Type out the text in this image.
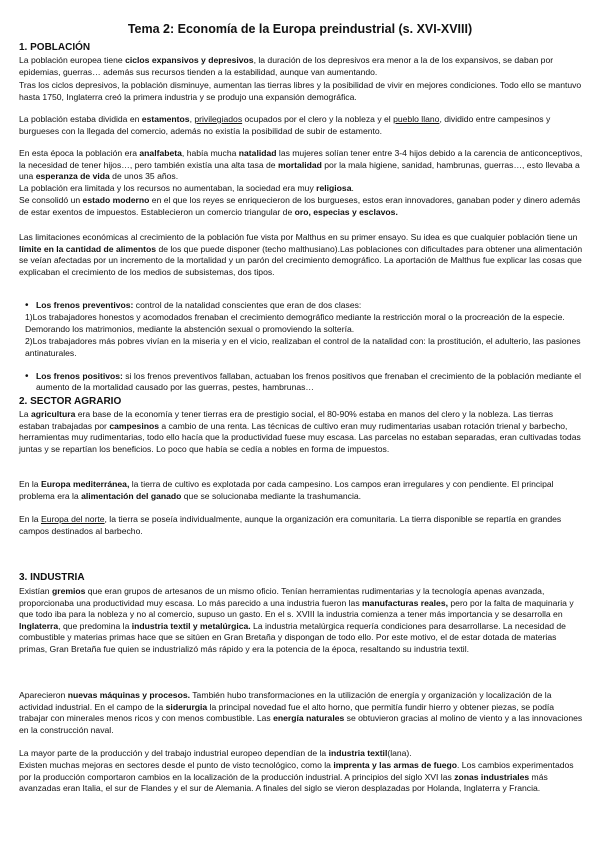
Tema 2: Economía de la Europa preindustrial (s. XVI-XVIII)
1. POBLACIÓN
La población europea tiene ciclos expansivos y depresivos, la duración de los depresivos era menor a la de los expansivos, se daban por epidemias, guerras… además sus recursos tienden a la estabilidad, aunque van aumentando.
Tras los ciclos depresivos, la población disminuye, aumentan las tierras libres y la posibilidad de vivir en mejores condiciones. Todo ello se mantuvo hasta 1750, Inglaterra creó la primera industria y se produjo una expansión demográfica.
La población estaba dividida en estamentos, privilegiados ocupados por el clero y la nobleza y el pueblo llano, dividido entre campesinos y burgueses con la llegada del comercio, además no existía la posibilidad de subir de estamento.
En esta época la población era analfabeta, había mucha natalidad las mujeres solían tener entre 3-4 hijos debido a la carencia de anticonceptivos, la necesidad de tener hijos…, pero también existía una alta tasa de mortalidad por la mala higiene, sanidad, hambrunas, guerras…, esto llevaba a una esperanza de vida de unos 35 años.
La población era limitada y los recursos no aumentaban, la sociedad era muy religiosa.
Se consolidó un estado moderno en el que los reyes se enriquecieron de los burgueses, estos eran innovadores, ganaban poder y dinero además de estar exentos de impuestos. Establecieron un comercio triangular de oro, especias y esclavos.
Las limitaciones económicas al crecimiento de la población fue vista por Malthus en su primer ensayo. Su idea es que cualquier población tiene un límite en la cantidad de alimentos de los que puede disponer (techo malthusiano).Las poblaciones con dificultades para obtener una alimentación se veían afectadas por un incremento de la mortalidad y un parón del crecimiento demográfico. La aportación de Malthus fue explicar las cosas que explicaban el crecimiento de los medios de subsistemas, dos tipos.
• Los frenos preventivos: control de la natalidad conscientes que eran de dos clases:
1)Los trabajadores honestos y acomodados frenaban el crecimiento demográfico mediante la restricción moral o la procreación de la especie. Demorando los matrimonios, mediante la abstención sexual o promoviendo la soltería.
2)Los trabajadores más pobres vivían en la miseria y en el vicio, realizaban el control de la natalidad con: la prostitución, el adulterio, las pasiones antinaturales.
• Los frenos positivos: si los frenos preventivos fallaban, actuaban los frenos positivos que frenaban el crecimiento de la población mediante el aumento de la mortalidad causado por las guerras, pestes, hambrunas…
2. SECTOR AGRARIO
La agricultura era base de la economía y tener tierras era de prestigio social, el 80-90% estaba en manos del clero y la nobleza. Las tierras estaban trabajadas por campesinos a cambio de una renta. Las técnicas de cultivo eran muy rudimentarias usaban rotación trienal y barbecho, herramientas muy rudimentarias, todo ello hacía que la productividad fuese muy escasa. Las parcelas no estaban separadas, eran cultivadas todas juntas y se repartían los beneficios. Lo poco que había se cedía a nobles en forma de impuestos.
En la Europa mediterránea, la tierra de cultivo es explotada por cada campesino. Los campos eran irregulares y con pendiente. El principal problema era la alimentación del ganado que se solucionaba mediante la trashumancia.
En la Europa del norte, la tierra se poseía individualmente, aunque la organización era comunitaria. La tierra disponible se repartía en grandes campos destinados al barbecho.
3. INDUSTRIA
Existían gremios que eran grupos de artesanos de un mismo oficio. Tenían herramientas rudimentarias y la tecnología apenas avanzada, proporcionaba una productividad muy escasa. Lo más parecido a una industria fueron las manufacturas reales, pero por la falta de maquinaria y que todo iba para la nobleza y no al comercio, supuso un gasto. En el s. XVIII la industria comienza a tener más importancia y se desarrolla en Inglaterra, que predomina la industria textil y metalúrgica. La industria metalúrgica requería condiciones para desarrollarse. La necesidad de combustible y materias primas hace que se sitúen en Gran Bretaña y dispongan de todo ello. Por este motivo, el de estar dotada de materias primas, Gran Bretaña fue quien se industrializó más rápido y era la potencia de la época, resaltando su industria textil.
Aparecieron nuevas máquinas y procesos. También hubo transformaciones en la utilización de energía y organización y localización de la actividad industrial. En el campo de la siderurgia la principal novedad fue el alto horno, que permitía fundir hierro y obtener piezas, se podía trabajar con minerales menos ricos y con menos combustible. Las energía naturales se obtuvieron gracias al molino de viento y a las innovaciones en la construcción naval.
La mayor parte de la producción y del trabajo industrial europeo dependían de la industria textil(lana).
Existen muchas mejoras en sectores desde el punto de visto tecnológico, como la imprenta y las armas de fuego. Los cambios experimentados por la producción comportaron cambios en la localización de la producción industrial. A principios del siglo XVI las zonas industriales más avanzadas eran Italia, el sur de Flandes y el sur de Alemania. A finales del siglo se vieron desplazadas por Holanda, Inglaterra y Francia.
